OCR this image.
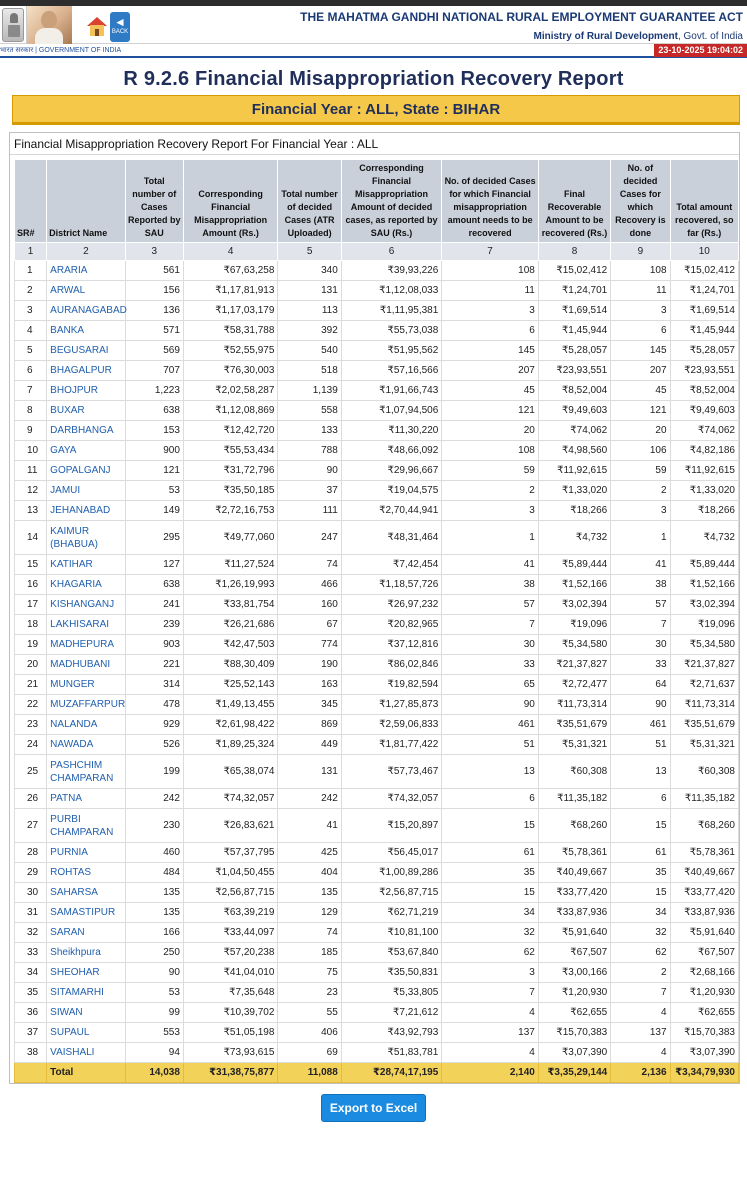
◄
BACK
THE MAHATMA GANDHI NATIONAL RURAL EMPLOYMENT GUARANTEE ACT
Ministry of Rural Development, Govt. of India
भारत सरकार | GOVERNMENT OF INDIA	23-10-2025 19:04:02
R 9.2.6 Financial Misappropriation Recovery Report
Financial Year : ALL, State : BIHAR
Financial Misappropriation Recovery Report For Financial Year : ALL
SR#	District Name	Total number of Cases Reported by SAU	Corresponding Financial Misappropriation Amount (Rs.)	Total number of decided Cases (ATR Uploaded)	Corresponding Financial Misappropriation Amount of decided cases, as reported by SAU (Rs.)	No. of decided Cases for which Financial misappropriation amount needs to be recovered	Final Recoverable Amount to be recovered (Rs.)	No. of decided Cases for which Recovery is done	Total amount recovered, so far (Rs.)
1	2	3	4	5	6	7	8	9	10
1	ARARIA	561	₹67,63,258	340	₹39,93,226	108	₹15,02,412	108	₹15,02,412
2	ARWAL	156	₹1,17,81,913	131	₹1,12,08,033	11	₹1,24,701	11	₹1,24,701
3	AURANAGABAD	136	₹1,17,03,179	113	₹1,11,95,381	3	₹1,69,514	3	₹1,69,514
4	BANKA	571	₹58,31,788	392	₹55,73,038	6	₹1,45,944	6	₹1,45,944
5	BEGUSARAI	569	₹52,55,975	540	₹51,95,562	145	₹5,28,057	145	₹5,28,057
6	BHAGALPUR	707	₹76,30,003	518	₹57,16,566	207	₹23,93,551	207	₹23,93,551
7	BHOJPUR	1,223	₹2,02,58,287	1,139	₹1,91,66,743	45	₹8,52,004	45	₹8,52,004
8	BUXAR	638	₹1,12,08,869	558	₹1,07,94,506	121	₹9,49,603	121	₹9,49,603
9	DARBHANGA	153	₹12,42,720	133	₹11,30,220	20	₹74,062	20	₹74,062
10	GAYA	900	₹55,53,434	788	₹48,66,092	108	₹4,98,560	106	₹4,82,186
11	GOPALGANJ	121	₹31,72,796	90	₹29,96,667	59	₹11,92,615	59	₹11,92,615
12	JAMUI	53	₹35,50,185	37	₹19,04,575	2	₹1,33,020	2	₹1,33,020
13	JEHANABAD	149	₹2,72,16,753	111	₹2,70,44,941	3	₹18,266	3	₹18,266
14	KAIMUR (BHABUA)	295	₹49,77,060	247	₹48,31,464	1	₹4,732	1	₹4,732
15	KATIHAR	127	₹11,27,524	74	₹7,42,454	41	₹5,89,444	41	₹5,89,444
16	KHAGARIA	638	₹1,26,19,993	466	₹1,18,57,726	38	₹1,52,166	38	₹1,52,166
17	KISHANGANJ	241	₹33,81,754	160	₹26,97,232	57	₹3,02,394	57	₹3,02,394
18	LAKHISARAI	239	₹26,21,686	67	₹20,82,965	7	₹19,096	7	₹19,096
19	MADHEPURA	903	₹42,47,503	774	₹37,12,816	30	₹5,34,580	30	₹5,34,580
20	MADHUBANI	221	₹88,30,409	190	₹86,02,846	33	₹21,37,827	33	₹21,37,827
21	MUNGER	314	₹25,52,143	163	₹19,82,594	65	₹2,72,477	64	₹2,71,637
22	MUZAFFARPUR	478	₹1,49,13,455	345	₹1,27,85,873	90	₹11,73,314	90	₹11,73,314
23	NALANDA	929	₹2,61,98,422	869	₹2,59,06,833	461	₹35,51,679	461	₹35,51,679
24	NAWADA	526	₹1,89,25,324	449	₹1,81,77,422	51	₹5,31,321	51	₹5,31,321
25	PASHCHIM CHAMPARAN	199	₹65,38,074	131	₹57,73,467	13	₹60,308	13	₹60,308
26	PATNA	242	₹74,32,057	242	₹74,32,057	6	₹11,35,182	6	₹11,35,182
27	PURBI CHAMPARAN	230	₹26,83,621	41	₹15,20,897	15	₹68,260	15	₹68,260
28	PURNIA	460	₹57,37,795	425	₹56,45,017	61	₹5,78,361	61	₹5,78,361
29	ROHTAS	484	₹1,04,50,455	404	₹1,00,89,286	35	₹40,49,667	35	₹40,49,667
30	SAHARSA	135	₹2,56,87,715	135	₹2,56,87,715	15	₹33,77,420	15	₹33,77,420
31	SAMASTIPUR	135	₹63,39,219	129	₹62,71,219	34	₹33,87,936	34	₹33,87,936
32	SARAN	166	₹33,44,097	74	₹10,81,100	32	₹5,91,640	32	₹5,91,640
33	Sheikhpura	250	₹57,20,238	185	₹53,67,840	62	₹67,507	62	₹67,507
34	SHEOHAR	90	₹41,04,010	75	₹35,50,831	3	₹3,00,166	2	₹2,68,166
35	SITAMARHI	53	₹7,35,648	23	₹5,33,805	7	₹1,20,930	7	₹1,20,930
36	SIWAN	99	₹10,39,702	55	₹7,21,612	4	₹62,655	4	₹62,655
37	SUPAUL	553	₹51,05,198	406	₹43,92,793	137	₹15,70,383	137	₹15,70,383
38	VAISHALI	94	₹73,93,615	69	₹51,83,781	4	₹3,07,390	4	₹3,07,390
	Total	14,038	₹31,38,75,877	11,088	₹28,74,17,195	2,140	₹3,35,29,144	2,136	₹3,34,79,930
Export to Excel
